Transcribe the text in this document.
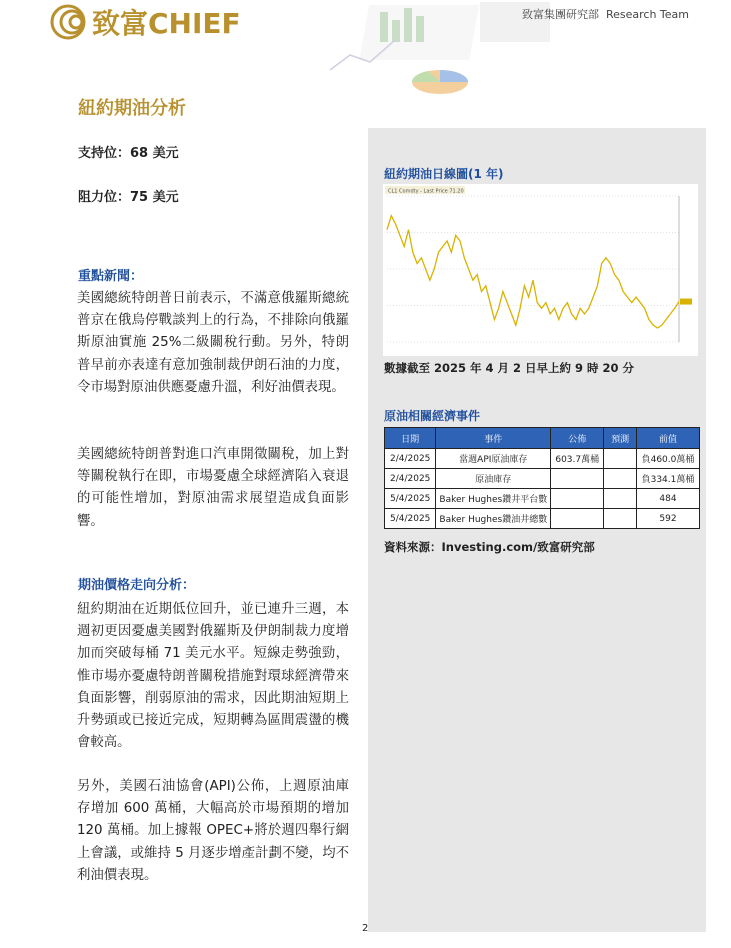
致富CHIEF	致富集團研究部 Research Team
紐約期油分析
支持位：68 美元
阻力位：75 美元
重點新聞：

美國總統特朗普日前表示，不滿意俄羅斯總統普京在俄烏停戰談判上的行為，不排除向俄羅斯原油實施 25%二級關稅行動。另外，特朗普早前亦表達有意加強制裁伊朗石油的力度，令市場對原油供應憂慮升溫，利好油價表現。

美國總統特朗普對進口汽車開徵關稅，加上對等關稅執行在即，市場憂慮全球經濟陷入衰退的可能性增加，對原油需求展望造成負面影響。

期油價格走向分析：

紐約期油在近期低位回升，並已連升三週，本週初更因憂慮美國對俄羅斯及伊朗制裁力度增加而突破每桶 71 美元水平。短線走勢強勁，惟市場亦憂慮特朗普關稅措施對環球經濟帶來負面影響，削弱原油的需求，因此期油短期上升勢頭或已接近完成，短期轉為區間震盪的機會較高。

另外，美國石油協會(API)公佈，上週原油庫存增加 600 萬桶，大幅高於市場預期的增加 120 萬桶。加上據報 OPEC+將於週四舉行網上會議，或維持 5 月逐步增產計劃不變，均不利油價表現。

紐約期油日線圖(1 年)
CL1 Comdty - Last Price 71.20
數據截至 2025 年 4 月 2 日早上約 9 時 20 分
原油相關經濟事件
日期	事件	公佈	預測	前值
2/4/2025	當週API原油庫存	603.7萬桶		負460.0萬桶
2/4/2025	原油庫存			負334.1萬桶
5/4/2025	Baker Hughes鑽井平台數			484
5/4/2025	Baker Hughes鑽油井總數			592
資料來源：Investing.com/致富研究部
2
